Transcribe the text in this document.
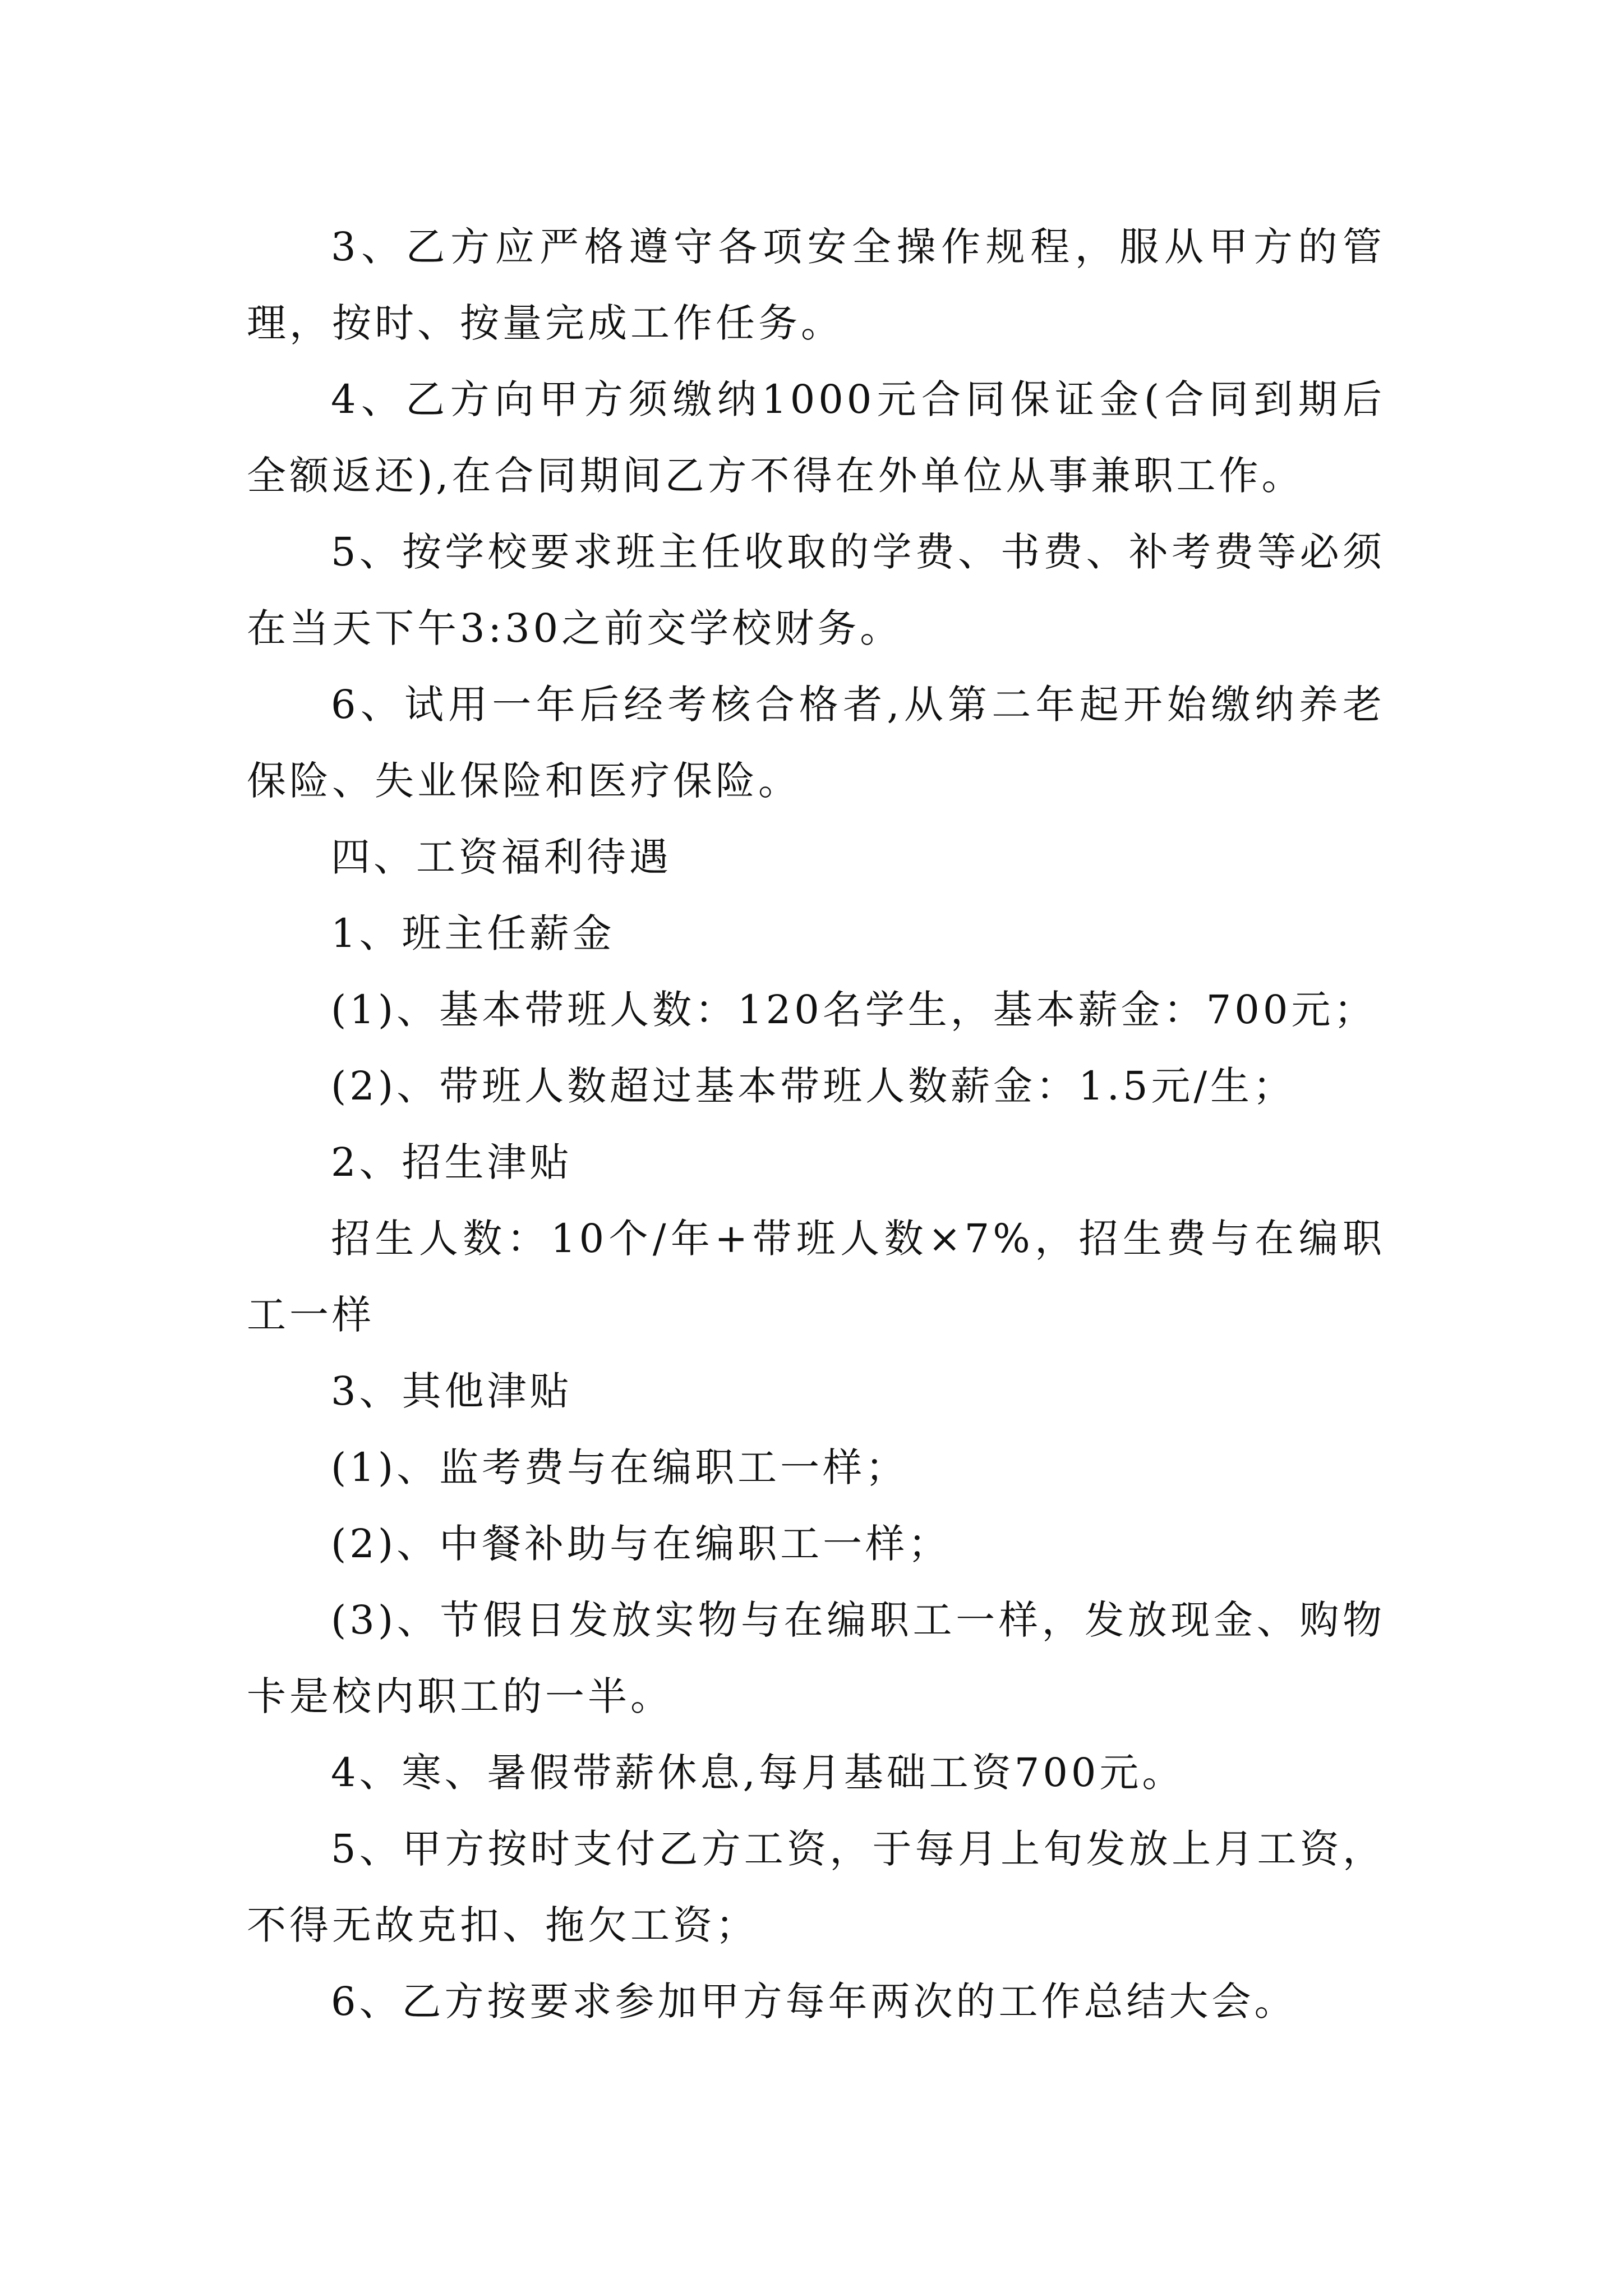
3、乙方应严格遵守各项安全操作规程，服从甲方的管理，按时、按量完成工作任务。

4、乙方向甲方须缴纳1000元合同保证金(合同到期后全额返还),在合同期间乙方不得在外单位从事兼职工作。

5、按学校要求班主任收取的学费、书费、补考费等必须在当天下午3:30之前交学校财务。

6、试用一年后经考核合格者,从第二年起开始缴纳养老保险、失业保险和医疗保险。

四、工资福利待遇

1、班主任薪金

(1)、基本带班人数：120名学生，基本薪金：700元；

(2)、带班人数超过基本带班人数薪金：1.5元/生；

2、招生津贴

招生人数：10个/年+带班人数×7%，招生费与在编职工一样

3、其他津贴

(1)、监考费与在编职工一样；

(2)、中餐补助与在编职工一样；

(3)、节假日发放实物与在编职工一样，发放现金、购物卡是校内职工的一半。

4、寒、暑假带薪休息,每月基础工资700元。

5、甲方按时支付乙方工资，于每月上旬发放上月工资，不得无故克扣、拖欠工资；

6、乙方按要求参加甲方每年两次的工作总结大会。
